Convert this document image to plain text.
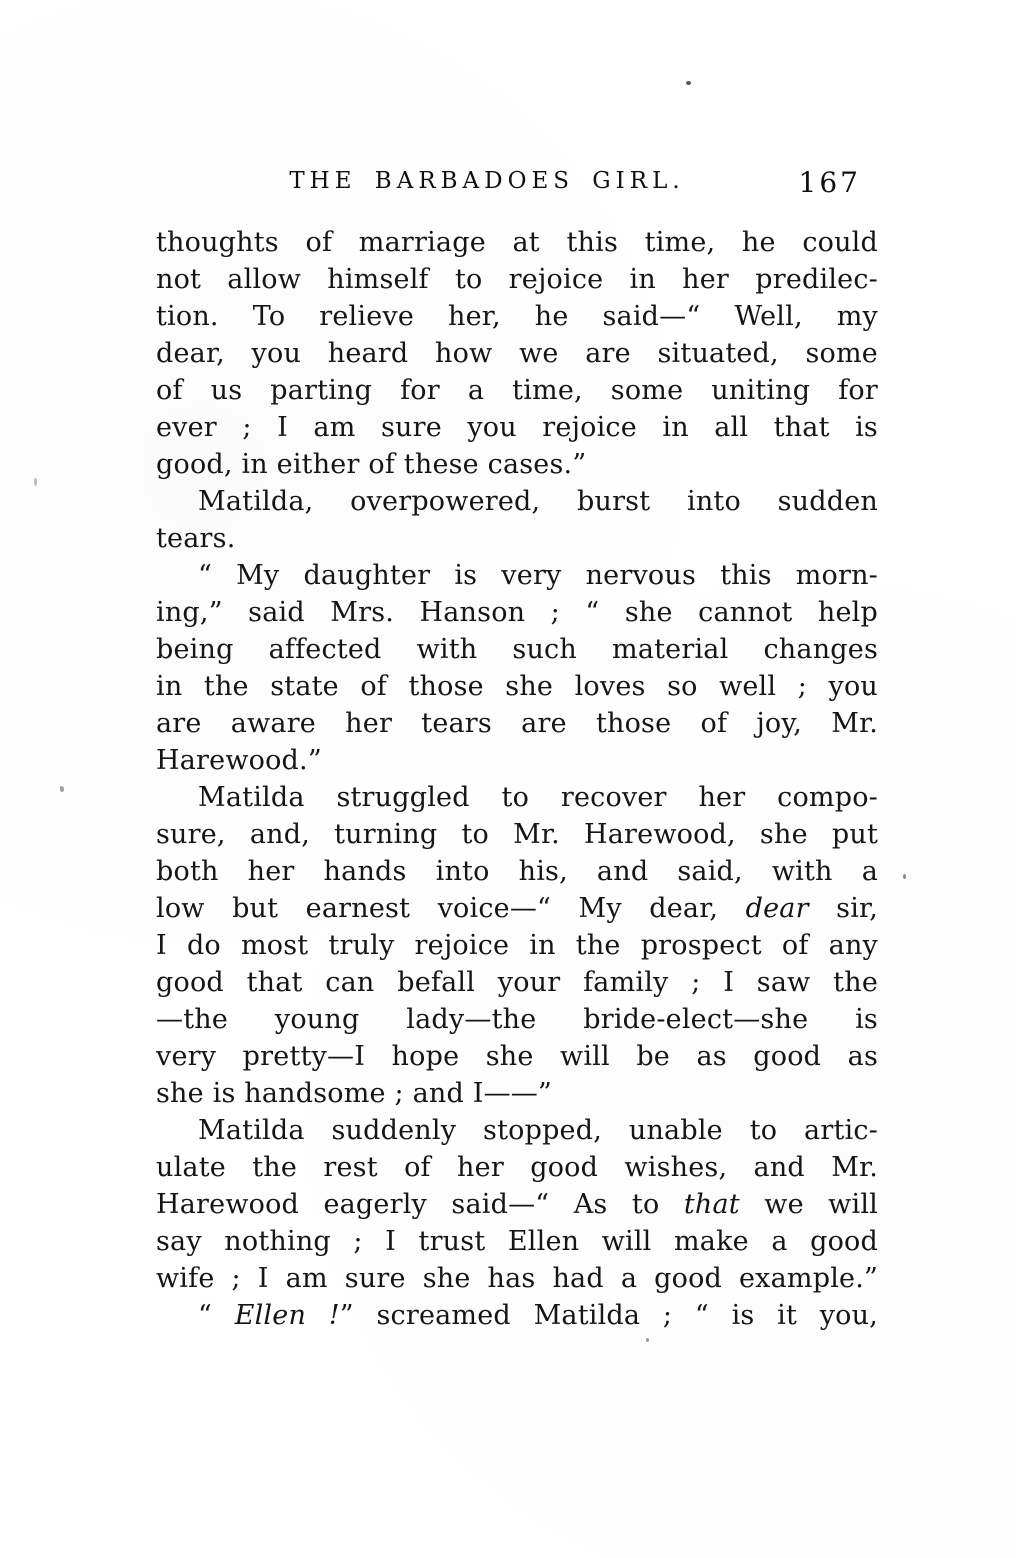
THE BARBADOES GIRL.	167
thoughts of marriage at this time, he could
not allow himself to rejoice in her predilec-
tion. To relieve her, he said—“ Well, my
dear, you heard how we are situated, some
of us parting for a time, some uniting for
ever ; I am sure you rejoice in all that is
good, in either of these cases.”
Matilda, overpowered, burst into sudden
tears.
“ My daughter is very nervous this morn-
ing,” said Mrs. Hanson ; “ she cannot help
being affected with such material changes
in the state of those she loves so well ; you
are aware her tears are those of joy, Mr.
Harewood.”
Matilda struggled to recover her compo-
sure, and, turning to Mr. Harewood, she put
both her hands into his, and said, with a
low but earnest voice—“ My dear, dear sir,
I do most truly rejoice in the prospect of any
good that can befall your family ; I saw the
—the young lady—the bride-elect—she is
very pretty—I hope she will be as good as
she is handsome ; and I——”
Matilda suddenly stopped, unable to artic-
ulate the rest of her good wishes, and Mr.
Harewood eagerly said—“ As to that we will
say nothing ; I trust Ellen will make a good
wife ; I am sure she has had a good example.”
“ Ellen !” screamed Matilda ; “ is it you,
